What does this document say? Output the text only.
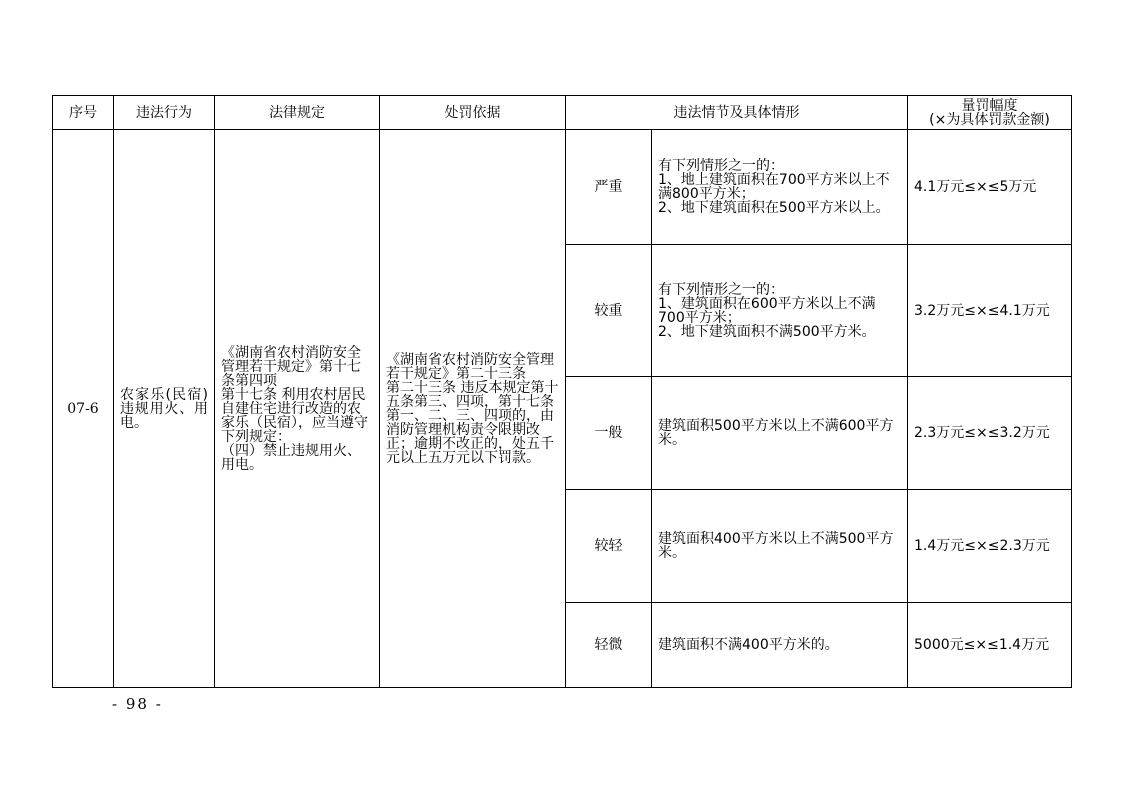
序号	违法行为	法律规定	处罚依据	违法情节及具体情形		量罚幅度
(×为具体罚款金额)
07-6	农家乐(民宿)违规用火、用电。	《湖南省农村消防安全管理若干规定》第十七条第四项
第十七条 利用农村居民自建住宅进行改造的农家乐（民宿），应当遵守下列规定：
（四）禁止违规用火、用电。	《湖南省农村消防安全管理若干规定》第二十三条
第二十三条 违反本规定第十五条第三、四项，第十七条第一、二、三、四项的，由消防管理机构责令限期改正；逾期不改正的，处五千元以上五万元以下罚款。	严重	有下列情形之一的：
1、地上建筑面积在700平方米以上不满800平方米；
2、地下建筑面积在500平方米以上。	4.1万元≤×≤5万元
				较重	有下列情形之一的：
1、建筑面积在600平方米以上不满700平方米；
2、地下建筑面积不满500平方米。	3.2万元≤×≤4.1万元
				一般	建筑面积500平方米以上不满600平方米。	2.3万元≤×≤3.2万元
				较轻	建筑面积400平方米以上不满500平方米。	1.4万元≤×≤2.3万元
				轻微	建筑面积不满400平方米的。	5000元≤×≤1.4万元
- 98 -
